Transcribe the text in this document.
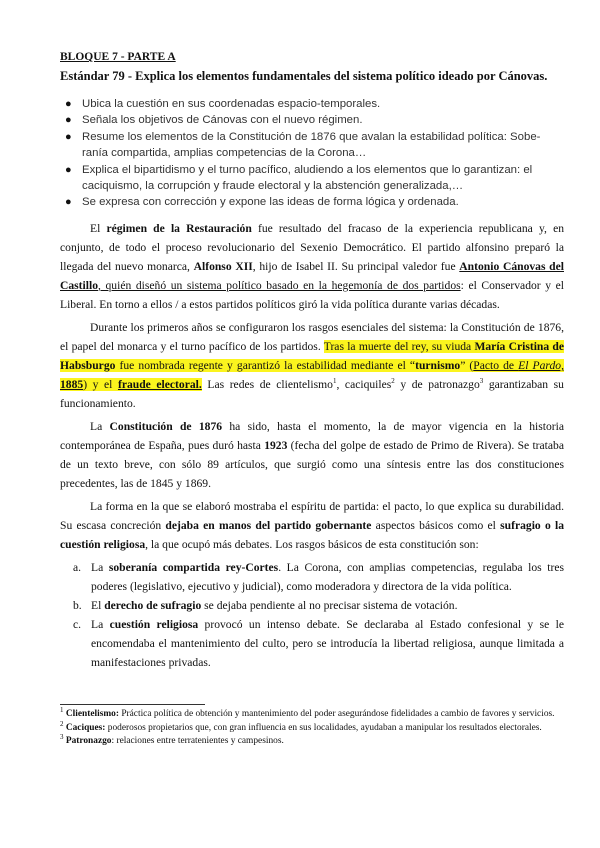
BLOQUE 7 - PARTE A
Estándar 79 - Explica los elementos fundamentales del sistema político ideado por Cánovas.
● Ubica la cuestión en sus coordenadas espacio-temporales.
● Señala los objetivos de Cánovas con el nuevo régimen.
● Resume los elementos de la Constitución de 1876 que avalan la estabilidad política: Sobe-ranía compartida, amplias competencias de la Corona…
● Explica el bipartidismo y el turno pacífico, aludiendo a los elementos que lo garantizan: el caciquismo, la corrupción y fraude electoral y la abstención generalizada,…
● Se expresa con corrección y expone las ideas de forma lógica y ordenada.

El régimen de la Restauración fue resultado del fracaso de la experiencia republicana y, en conjunto, de todo el proceso revolucionario del Sexenio Democrático. El partido alfonsino preparó la llegada del nuevo monarca, Alfonso XII, hijo de Isabel II. Su principal valedor fue Antonio Cánovas del Castillo, quién diseñó un sistema político basado en la hegemonía de dos partidos: el Conservador y el Liberal. En torno a ellos / a estos partidos políticos giró la vida política durante varias décadas.

Durante los primeros años se configuraron los rasgos esenciales del sistema: la Constitución de 1876, el papel del monarca y el turno pacífico de los partidos. Tras la muerte del rey, su viuda María Cristina de Habsburgo fue nombrada regente y garantizó la estabilidad mediante el “turnismo” (Pacto de El Pardo, 1885) y el fraude electoral. Las redes de clientelismo$^1$, caciquiles$^2$ y de patronazgo$^3$ garantizaban su funcionamiento.

La Constitución de 1876 ha sido, hasta el momento, la de mayor vigencia en la historia contemporánea de España, pues duró hasta 1923 (fecha del golpe de estado de Primo de Rivera). Se trataba de un texto breve, con sólo 89 artículos, que surgió como una síntesis entre las dos constituciones precedentes, las de 1845 y 1869.

La forma en la que se elaboró mostraba el espíritu de partida: el pacto, lo que explica su durabilidad. Su escasa concreción dejaba en manos del partido gobernante aspectos básicos como el sufragio o la cuestión religiosa, la que ocupó más debates. Los rasgos básicos de esta constitución son:

a. La soberanía compartida rey-Cortes. La Corona, con amplias competencias, regulaba los tres poderes (legislativo, ejecutivo y judicial), como moderadora y directora de la vida política.
b. El derecho de sufragio se dejaba pendiente al no precisar sistema de votación.
c. La cuestión religiosa provocó un intenso debate. Se declaraba al Estado confesional y se le encomendaba el mantenimiento del culto, pero se introducía la libertad religiosa, aunque limitada a manifestaciones privadas.
$^1$ Clientelismo: Práctica política de obtención y mantenimiento del poder asegurándose fidelidades a cambio de favores y servicios.
$^2$ Caciques: poderosos propietarios que, con gran influencia en sus localidades, ayudaban a manipular los resultados electorales.
$^3$ Patronazgo: relaciones entre terratenientes y campesinos.
